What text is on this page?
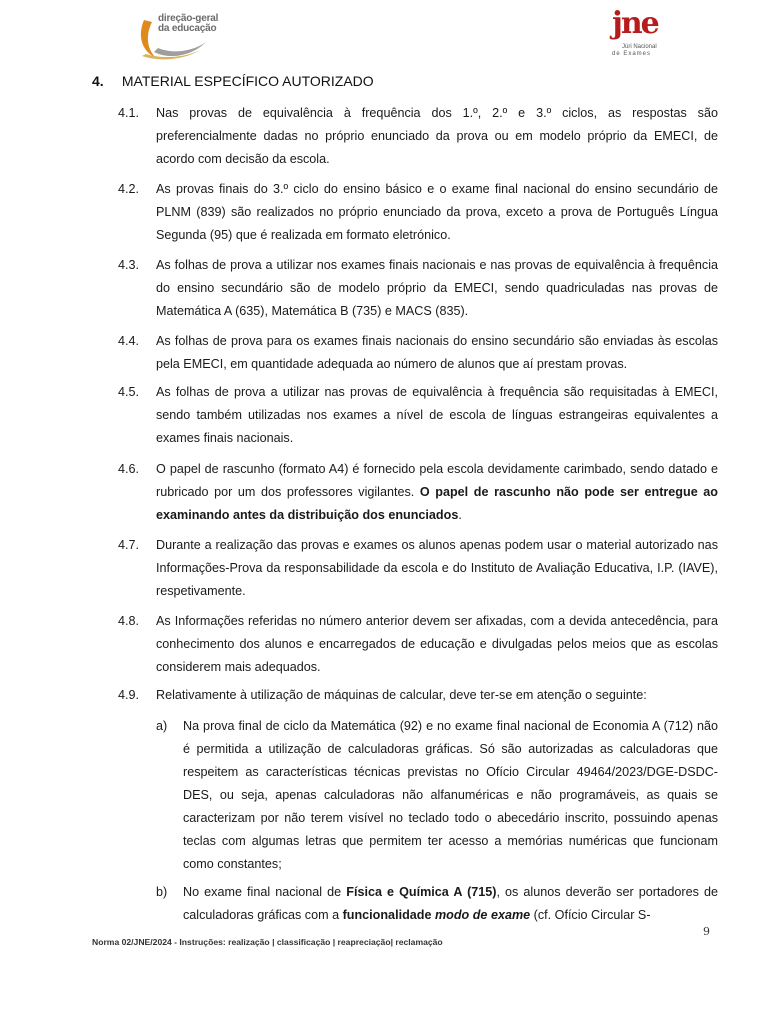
direção-geral
da educação	jne
Júri Nacional
de Exames
4. MATERIAL ESPECÍFICO AUTORIZADO
4.1. Nas provas de equivalência à frequência dos 1.º, 2.º e 3.º ciclos, as respostas são preferencialmente dadas no próprio enunciado da prova ou em modelo próprio da EMECI, de acordo com decisão da escola.
4.2. As provas finais do 3.º ciclo do ensino básico e o exame final nacional do ensino secundário de PLNM (839) são realizados no próprio enunciado da prova, exceto a prova de Português Língua Segunda (95) que é realizada em formato eletrónico.
4.3. As folhas de prova a utilizar nos exames finais nacionais e nas provas de equivalência à frequência do ensino secundário são de modelo próprio da EMECI, sendo quadriculadas nas provas de Matemática A (635), Matemática B (735) e MACS (835).
4.4. As folhas de prova para os exames finais nacionais do ensino secundário são enviadas às escolas pela EMECI, em quantidade adequada ao número de alunos que aí prestam provas.
4.5. As folhas de prova a utilizar nas provas de equivalência à frequência são requisitadas à EMECI, sendo também utilizadas nos exames a nível de escola de línguas estrangeiras equivalentes a exames finais nacionais.
4.6. O papel de rascunho (formato A4) é fornecido pela escola devidamente carimbado, sendo datado e rubricado por um dos professores vigilantes. O papel de rascunho não pode ser entregue ao examinando antes da distribuição dos enunciados.
4.7. Durante a realização das provas e exames os alunos apenas podem usar o material autorizado nas Informações-Prova da responsabilidade da escola e do Instituto de Avaliação Educativa, I.P. (IAVE), respetivamente.
4.8. As Informações referidas no número anterior devem ser afixadas, com a devida antecedência, para conhecimento dos alunos e encarregados de educação e divulgadas pelos meios que as escolas considerem mais adequados.
4.9. Relativamente à utilização de máquinas de calcular, deve ter-se em atenção o seguinte:
a) Na prova final de ciclo da Matemática (92) e no exame final nacional de Economia A (712) não é permitida a utilização de calculadoras gráficas. Só são autorizadas as calculadoras que respeitem as características técnicas previstas no Ofício Circular 49464/2023/DGE-DSDC-DES, ou seja, apenas calculadoras não alfanuméricas e não programáveis, as quais se caracterizam por não terem visível no teclado todo o abecedário inscrito, possuindo apenas teclas com algumas letras que permitem ter acesso a memórias numéricas que funcionam como constantes;
b) No exame final nacional de Física e Química A (715), os alunos deverão ser portadores de calculadoras gráficas com a funcionalidade modo de exame (cf. Ofício Circular S-
9
Norma 02/JNE/2024 - Instruções: realização | classificação | reapreciação| reclamação
